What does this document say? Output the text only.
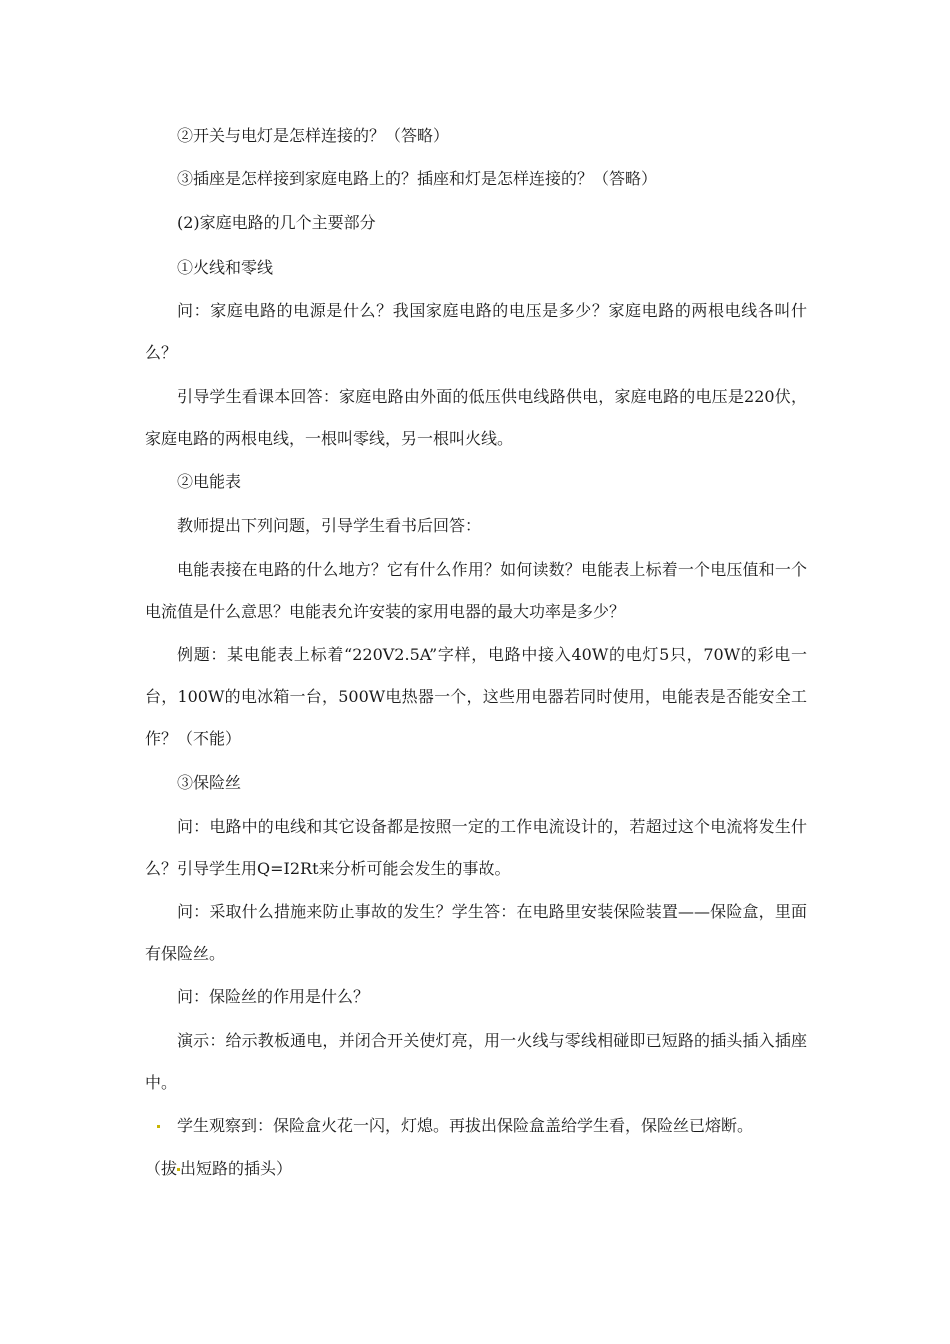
②开关与电灯是怎样连接的？（答略）

③插座是怎样接到家庭电路上的？插座和灯是怎样连接的？（答略）

(2)家庭电路的几个主要部分

①火线和零线

问：家庭电路的电源是什么？我国家庭电路的电压是多少？家庭电路的两根电线各叫什么？

引导学生看课本回答：家庭电路由外面的低压供电线路供电，家庭电路的电压是220伏，家庭电路的两根电线，一根叫零线，另一根叫火线。

②电能表

教师提出下列问题，引导学生看书后回答：

电能表接在电路的什么地方？它有什么作用？如何读数？电能表上标着一个电压值和一个电流值是什么意思？电能表允许安装的家用电器的最大功率是多少？

例题：某电能表上标着“220V2.5A”字样，电路中接入40W的电灯5只，70W的彩电一台，100W的电冰箱一台，500W电热器一个，这些用电器若同时使用，电能表是否能安全工作？（不能）

③保险丝

问：电路中的电线和其它设备都是按照一定的工作电流设计的，若超过这个电流将发生什么？引导学生用Q=I2Rt来分析可能会发生的事故。

问：采取什么措施来防止事故的发生？学生答：在电路里安装保险装置——保险盒，里面有保险丝。

问：保险丝的作用是什么？

演示：给示教板通电，并闭合开关使灯亮，用一火线与零线相碰即已短路的插头插入插座中。

学生观察到：保险盒火花一闪，灯熄。再拔出保险盒盖给学生看，保险丝已熔断。

（拔 出短路的插头）
